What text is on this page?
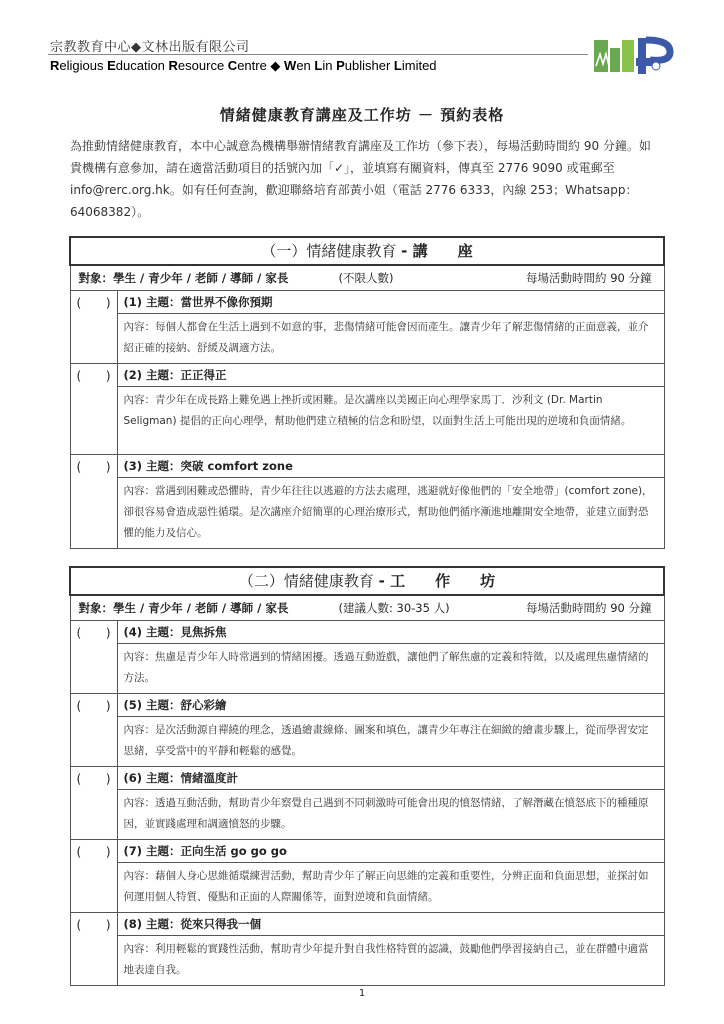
宗教教育中心◆文林出版有限公司
Religious Education Resource Centre ◆ Wen Lin Publisher Limited
情緒健康教育講座及工作坊 － 預約表格
為推動情緒健康教育，本中心誠意為機構舉辦情緒教育講座及工作坊（參下表），每場活動時間約 90 分鐘。如　貴機構有意參加，請在適當活動項目的括號內加「✓」，並填寫有關資料，傳真至 2776 9090 或電郵至 info@rerc.org.hk。如有任何查詢，歡迎聯絡培育部黃小姐（電話 2776 6333，內線 253；Whatsapp：64068382）。
（一）情緒健康教育 - 講　　座	

對象：學生 / 青少年 / 老師 / 導師 / 家長 (不限人數) 每場活動時間約 90 分鐘	

( )	(1) 主題：當世界不像你預期
	內容：每個人都會在生活上遇到不如意的事，悲傷情緒可能會因而產生。讓青少年了解悲傷情緒的正面意義，並介紹正確的接納、舒緩及調適方法。

( )	(2) 主題：正正得正
	內容：青少年在成長路上難免遇上挫折或困難。是次講座以美國正向心理學家馬丁．沙利文 (Dr. Martin Seligman) 提倡的正向心理學，幫助他們建立積極的信念和盼望，以面對生活上可能出現的逆境和負面情緒。

( )	(3) 主題：突破 comfort zone
	內容：當遇到困難或恐懼時，青少年往往以逃避的方法去處理，逃避就好像他們的「安全地帶」(comfort zone)，卻很容易會造成惡性循環。是次講座介紹簡單的心理治療形式，幫助他們循序漸進地離開安全地帶，並建立面對恐懼的能力及信心。
（二）情緒健康教育 - 工　　作　　坊	

對象：學生 / 青少年 / 老師 / 導師 / 家長 (建議人數: 30-35 人) 每場活動時間約 90 分鐘	

( )	(4) 主題：見焦拆焦
	內容：焦慮是青少年人時常遇到的情緒困擾。透過互動遊戲，讓他們了解焦慮的定義和特徵，以及處理焦慮情緒的方法。

( )	(5) 主題：舒心彩繪
	內容：是次活動源自禪繞的理念，透過繪畫線條、圖案和填色，讓青少年專注在細緻的繪畫步驟上，從而學習安定思緒，享受當中的平靜和輕鬆的感覺。

( )	(6) 主題：情緒溫度計
	內容：透過互動活動，幫助青少年察覺自己遇到不同刺激時可能會出現的憤怒情緒，了解潛藏在憤怒底下的種種原因，並實踐處理和調適憤怒的步驟。

( )	(7) 主題：正向生活 go go go
	內容：藉個人身心思維循環練習活動，幫助青少年了解正向思維的定義和重要性，分辨正面和負面思想，並探討如何運用個人特質、優點和正面的人際關係等，面對逆境和負面情緒。

( )	(8) 主題：從來只得我一個
	內容：利用輕鬆的實踐性活動，幫助青少年提升對自我性格特質的認識，鼓勵他們學習接納自己，並在群體中適當地表達自我。
1
